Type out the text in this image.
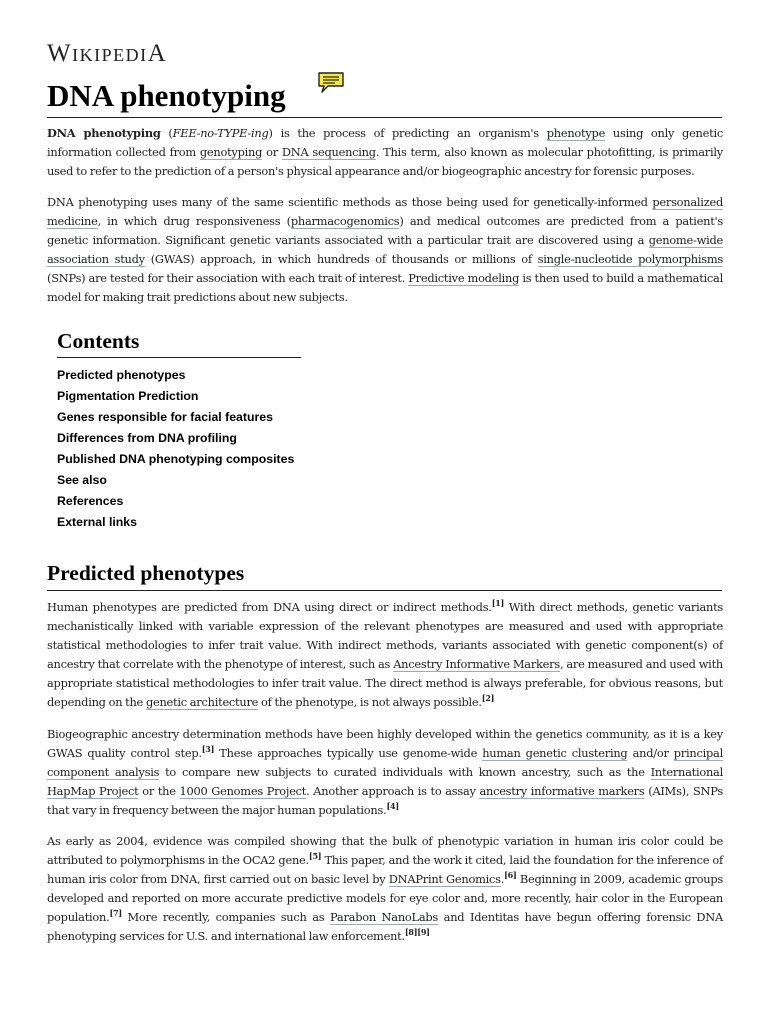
WIKIPEDIA
DNA phenotyping

DNA phenotyping (FEE-no-TYPE-ing) is the process of predicting an organism's phenotype using only genetic information collected from genotyping or DNA sequencing. This term, also known as molecular photofitting, is primarily used to refer to the prediction of a person's physical appearance and/or biogeographic ancestry for forensic purposes.

DNA phenotyping uses many of the same scientific methods as those being used for genetically-informed personalized medicine, in which drug responsiveness (pharmacogenomics) and medical outcomes are predicted from a patient's genetic information. Significant genetic variants associated with a particular trait are discovered using a genome-wide association study (GWAS) approach, in which hundreds of thousands or millions of single-nucleotide polymorphisms (SNPs) are tested for their association with each trait of interest. Predictive modeling is then used to build a mathematical model for making trait predictions about new subjects.

Contents
Predicted phenotypes
Pigmentation Prediction
Genes responsible for facial features
Differences from DNA profiling
Published DNA phenotyping composites
See also
References
External links
Predicted phenotypes

Human phenotypes are predicted from DNA using direct or indirect methods.[1] With direct methods, genetic variants mechanistically linked with variable expression of the relevant phenotypes are measured and used with appropriate statistical methodologies to infer trait value. With indirect methods, variants associated with genetic component(s) of ancestry that correlate with the phenotype of interest, such as Ancestry Informative Markers, are measured and used with appropriate statistical methodologies to infer trait value. The direct method is always preferable, for obvious reasons, but depending on the genetic architecture of the phenotype, is not always possible.[2]

Biogeographic ancestry determination methods have been highly developed within the genetics community, as it is a key GWAS quality control step.[3] These approaches typically use genome-wide human genetic clustering and/or principal component analysis to compare new subjects to curated individuals with known ancestry, such as the International HapMap Project or the 1000 Genomes Project. Another approach is to assay ancestry informative markers (AIMs), SNPs that vary in frequency between the major human populations.[4]

As early as 2004, evidence was compiled showing that the bulk of phenotypic variation in human iris color could be attributed to polymorphisms in the OCA2 gene.[5] This paper, and the work it cited, laid the foundation for the inference of human iris color from DNA, first carried out on basic level by DNAPrint Genomics.[6] Beginning in 2009, academic groups developed and reported on more accurate predictive models for eye color and, more recently, hair color in the European population.[7] More recently, companies such as Parabon NanoLabs and Identitas have begun offering forensic DNA phenotyping services for U.S. and international law enforcement.[8][9]
